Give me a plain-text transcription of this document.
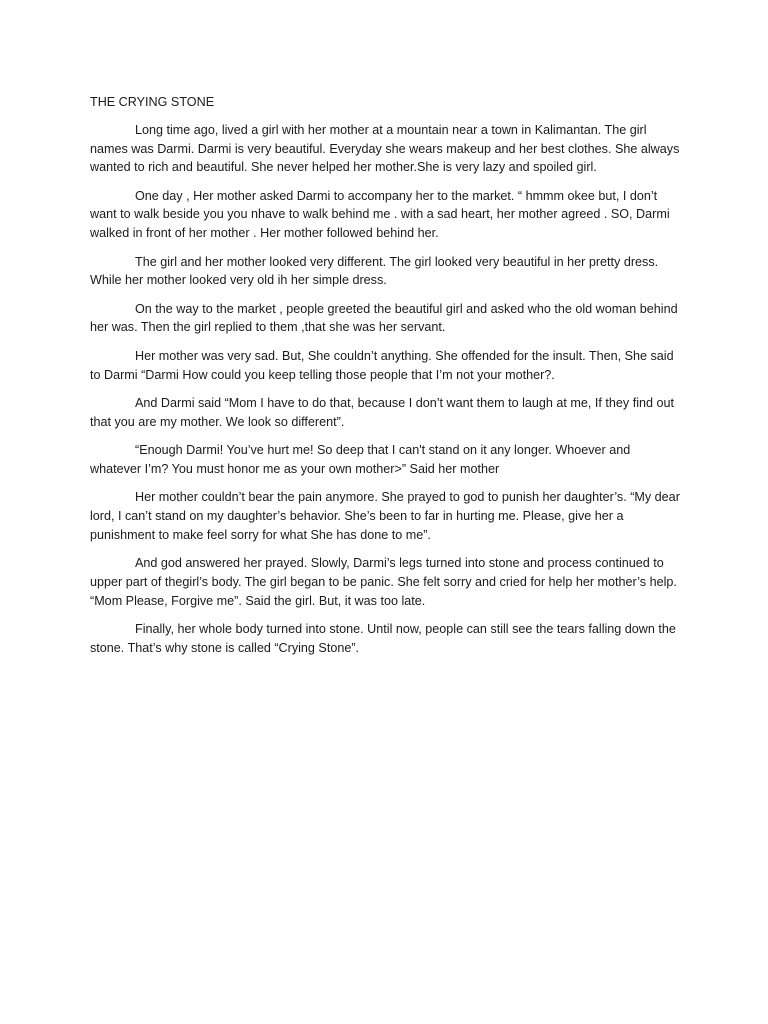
THE CRYING STONE

Long time ago, lived a girl with her mother at a mountain near a town in Kalimantan. The girl names was Darmi. Darmi is very beautiful. Everyday she wears makeup and her best clothes. She always wanted to rich and beautiful. She never helped her mother.She is very lazy and spoiled girl.

One day , Her mother asked Darmi to accompany her to the market. “ hmmm okee but, I don’t want to walk beside you you nhave to walk behind me . with a sad heart, her mother agreed . SO, Darmi walked in front of her mother . Her mother followed behind her.

The girl and her mother looked very different. The girl looked very beautiful in her pretty dress. While her mother looked very old ih her simple dress.

On the way to the market , people greeted the beautiful girl and asked who the old woman behind her was. Then the girl replied to them ,that she was her servant.

Her mother was very sad. But, She couldn’t anything. She offended for the insult. Then, She said to Darmi “Darmi How could you keep telling those people that I’m not your mother?.

And Darmi said “Mom I have to do that, because I don’t want them to laugh at me, If they find out that you are my mother. We look so different”.

“Enough Darmi! You’ve hurt me! So deep that I can't stand on it any longer. Whoever and whatever I’m? You must honor me as your own mother>” Said her mother

Her mother couldn’t bear the pain anymore. She prayed to god to punish her daughter’s. “My dear lord, I can’t stand on my daughter’s behavior. She’s been to far in hurting me. Please, give her a punishment to make feel sorry for what She has done to me”.

And god answered her prayed. Slowly, Darmi’s legs turned into stone and process continued to upper part of thegirl’s body. The girl began to be panic. She felt sorry and cried for help her mother’s help. “Mom Please, Forgive me”. Said the girl. But, it was too late.

Finally, her whole body turned into stone. Until now, people can still see the tears falling down the stone. That’s why stone is called “Crying Stone”.
